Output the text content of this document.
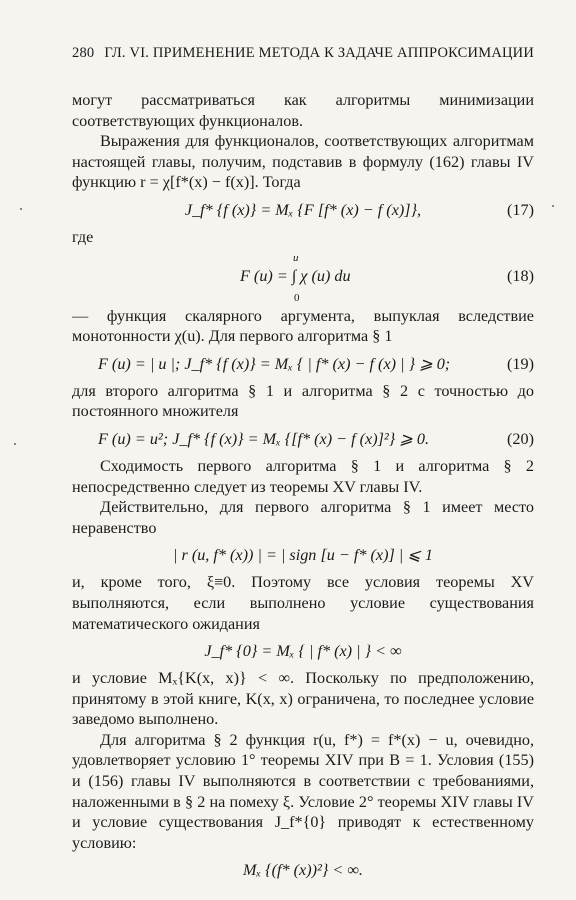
280 ГЛ. VI. ПРИМЕНЕНИЕ МЕТОДА К ЗАДАЧЕ АППРОКСИМАЦИИ

могут рассматриваться как алгоритмы минимизации соответствующих функционалов.

Выражения для функционалов, соответствующих алгоритмам настоящей главы, получим, подставив в формулу (162) главы IV функцию r = χ[f*(x) − f(x)]. Тогда

J_f* {f (x)} = Mₓ {F [f* (x) − f (x)]},	(17)

где

u
F (u) = ∫ χ (u) du
0
(18)

— функция скалярного аргумента, выпуклая вследствие монотонности χ(u). Для первого алгоритма § 1

F (u) = | u |; J_f* {f (x)} = Mₓ { | f* (x) − f (x) | } ⩾ 0;	(19)

для второго алгоритма § 1 и алгоритма § 2 с точностью до постоянного множителя

F (u) = u²; J_f* {f (x)} = Mₓ {[f* (x) − f (x)]²} ⩾ 0.	(20)

Сходимость первого алгоритма § 1 и алгоритма § 2 непосредственно следует из теоремы XV главы IV.

Действительно, для первого алгоритма § 1 имеет место неравенство

| r (u, f* (x)) | = | sign [u − f* (x)] | ⩽ 1

и, кроме того, ξ≡0. Поэтому все условия теоремы XV выполняются, если выполнено условие существования математического ожидания

J_f* {0} = Mₓ { | f* (x) | } < ∞

и условие Mₓ{K(x, x)} < ∞. Поскольку по предположению, принятому в этой книге, K(x, x) ограничена, то последнее условие заведомо выполнено.

Для алгоритма § 2 функция r(u, f*) = f*(x) − u, очевидно, удовлетворяет условию 1° теоремы XIV при B = 1. Условия (155) и (156) главы IV выполняются в соответствии с требованиями, наложенными в § 2 на помеху ξ. Условие 2° теоремы XIV главы IV и условие существования J_f*{0} приводят к естественному условию:

Mₓ {(f* (x))²} < ∞.
